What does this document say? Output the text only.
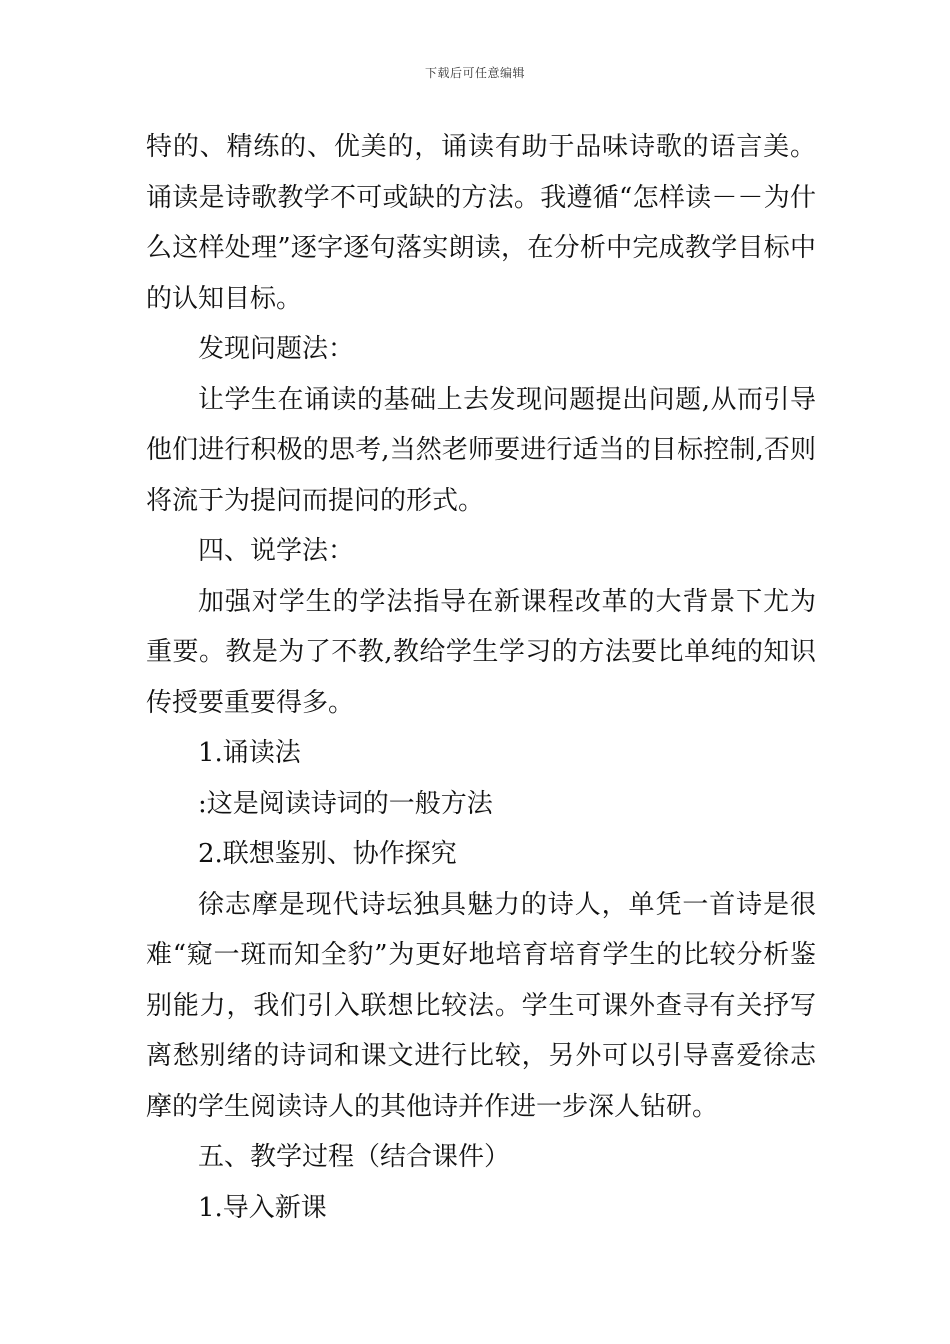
下载后可任意编辑

特的、精练的、优美的，诵读有助于品味诗歌的语言美。诵读是诗歌教学不可或缺的方法。我遵循“怎样读－－为什么这样处理”逐字逐句落实朗读，在分析中完成教学目标中的认知目标。

发现问题法：

让学生在诵读的基础上去发现问题提出问题,从而引导他们进行积极的思考,当然老师要进行适当的目标控制,否则将流于为提问而提问的形式。

四、说学法：

加强对学生的学法指导在新课程改革的大背景下尤为重要。教是为了不教,教给学生学习的方法要比单纯的知识传授要重要得多。

1.诵读法

:这是阅读诗词的一般方法

2.联想鉴别、协作探究

徐志摩是现代诗坛独具魅力的诗人，单凭一首诗是很难“窥一斑而知全豹”为更好地培育培育学生的比较分析鉴别能力，我们引入联想比较法。学生可课外查寻有关抒写离愁别绪的诗词和课文进行比较，另外可以引导喜爱徐志摩的学生阅读诗人的其他诗并作进一步深人钻研。

五、教学过程（结合课件）

1.导入新课
